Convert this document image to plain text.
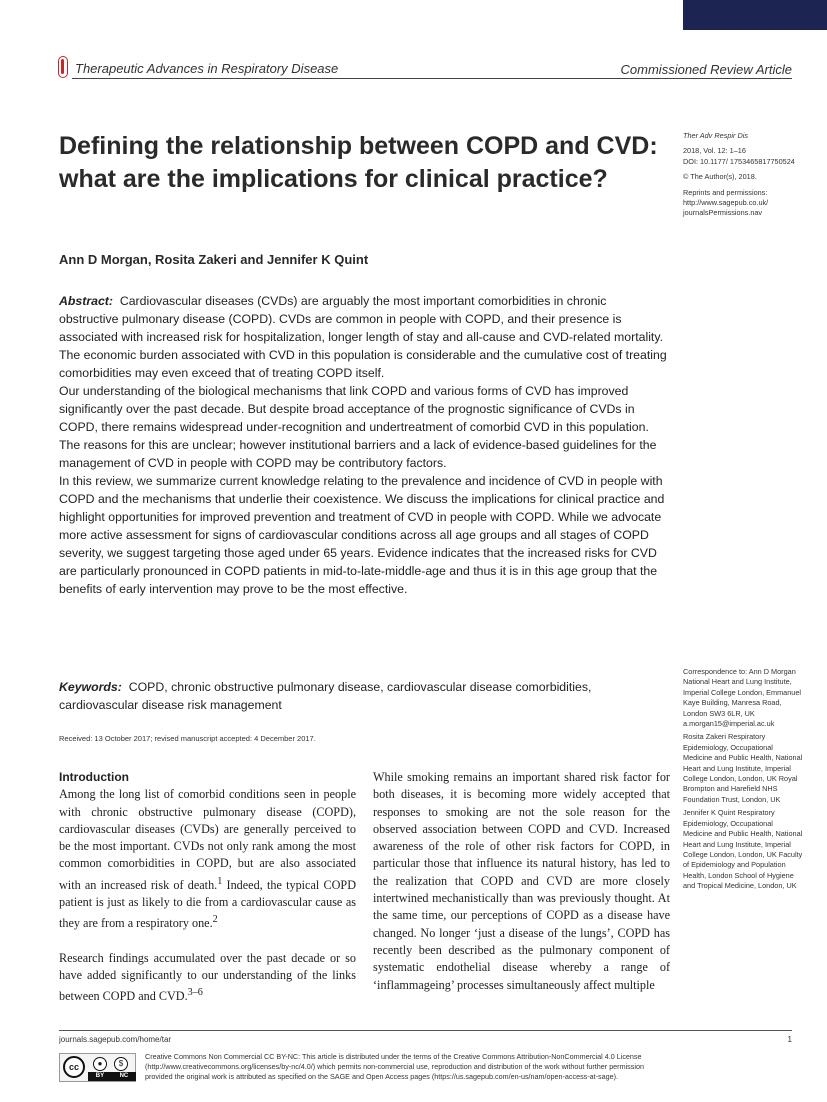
Therapeutic Advances in Respiratory Disease	Commissioned Review Article
Defining the relationship between COPD and CVD: what are the implications for clinical practice?
Ann D Morgan, Rosita Zakeri and Jennifer K Quint

Abstract: Cardiovascular diseases (CVDs) are arguably the most important comorbidities in chronic obstructive pulmonary disease (COPD). CVDs are common in people with COPD, and their presence is associated with increased risk for hospitalization, longer length of stay and all-cause and CVD-related mortality. The economic burden associated with CVD in this population is considerable and the cumulative cost of treating comorbidities may even exceed that of treating COPD itself.

Our understanding of the biological mechanisms that link COPD and various forms of CVD has improved significantly over the past decade. But despite broad acceptance of the prognostic significance of CVDs in COPD, there remains widespread under-recognition and undertreatment of comorbid CVD in this population. The reasons for this are unclear; however institutional barriers and a lack of evidence-based guidelines for the management of CVD in people with COPD may be contributory factors.

In this review, we summarize current knowledge relating to the prevalence and incidence of CVD in people with COPD and the mechanisms that underlie their coexistence. We discuss the implications for clinical practice and highlight opportunities for improved prevention and treatment of CVD in people with COPD. While we advocate more active assessment for signs of cardiovascular conditions across all age groups and all stages of COPD severity, we suggest targeting those aged under 65 years. Evidence indicates that the increased risks for CVD are particularly pronounced in COPD patients in mid-to-late-middle-age and thus it is in this age group that the benefits of early intervention may prove to be the most effective.

Keywords: COPD, chronic obstructive pulmonary disease, cardiovascular disease comorbidities, cardiovascular disease risk management
Received: 13 October 2017; revised manuscript accepted: 4 December 2017.
Introduction

Among the long list of comorbid conditions seen in people with chronic obstructive pulmonary disease (COPD), cardiovascular diseases (CVDs) are generally perceived to be the most important. CVDs not only rank among the most common comorbidities in COPD, but are also associated with an increased risk of death.$^1$ Indeed, the typical COPD patient is just as likely to die from a cardiovascular cause as they are from a respiratory one.$^2$

Research findings accumulated over the past decade or so have added significantly to our understanding of the links between COPD and CVD.$^{3-6}$

While smoking remains an important shared risk factor for both diseases, it is becoming more widely accepted that responses to smoking are not the sole reason for the observed association between COPD and CVD. Increased awareness of the role of other risk factors for COPD, in particular those that influence its natural history, has led to the realization that COPD and CVD are more closely intertwined mechanistically than was previously thought. At the same time, our perceptions of COPD as a disease have changed. No longer ‘just a disease of the lungs’, COPD has recently been described as the pulmonary component of systematic endothelial disease whereby a range of ‘inflammageing’ processes simultaneously affect multiple

Ther Adv Respir Dis

2018, Vol. 12: 1–16

DOI: 10.1177/ 1753465817750524

© The Author(s), 2018.

Reprints and permissions: http://www.sagepub.co.uk/ journalsPermissions.nav

Correspondence to: Ann D Morgan National Heart and Lung Institute, Imperial College London, Emmanuel Kaye Building, Manresa Road, London SW3 6LR, UK a.morgan15@imperial.ac.uk

Rosita Zakeri Respiratory Epidemiology, Occupational Medicine and Public Health, National Heart and Lung Institute, Imperial College London, London, UK Royal Brompton and Harefield NHS Foundation Trust, London, UK

Jennifer K Quint Respiratory Epidemiology, Occupational Medicine and Public Health, National Heart and Lung Institute, Imperial College London, London, UK Faculty of Epidemiology and Population Health, London School of Hygiene and Tropical Medicine, London, UK

journals.sagepub.com/home/tar	1
cc	●	$
BY	NC

Creative Commons Non Commercial CC BY-NC: This article is distributed under the terms of the Creative Commons Attribution-NonCommercial 4.0 License

(http://www.creativecommons.org/licenses/by-nc/4.0/) which permits non-commercial use, reproduction and distribution of the work without further permission

provided the original work is attributed as specified on the SAGE and Open Access pages (https://us.sagepub.com/en-us/nam/open-access-at-sage).
